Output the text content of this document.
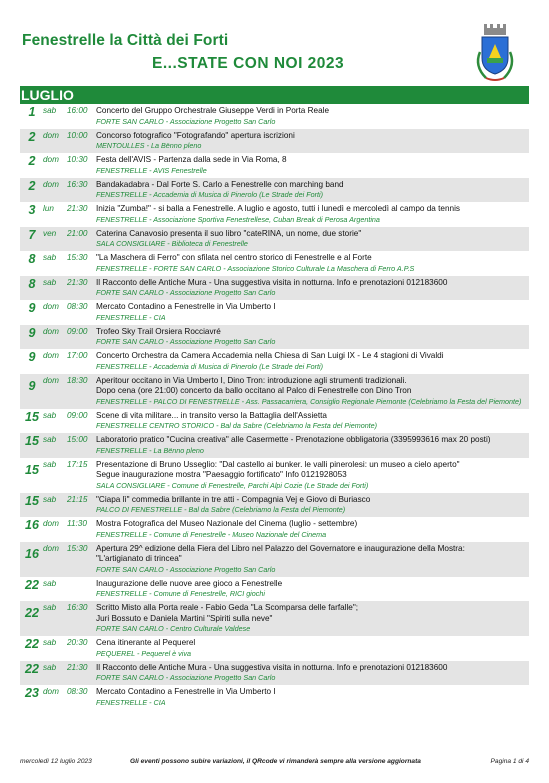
Fenestrelle la Città dei Forti
E...STATE CON NOI 2023
LUGLIO
1 sab	16:00	Concerto del Gruppo Orchestrale Giuseppe Verdi in Porta Reale
FORTE SAN CARLO - Associazione Progetto San Carlo
2 dom 10:00	Concorso fotografico "Fotografando" apertura iscrizioni
MENTOULLES - La Bënno pleno
2 dom 10:30	Festa dell'AVIS - Partenza dalla sede in Via Roma, 8
FENESTRELLE - AVIS Fenestrelle
2 dom 16:30	Bandakadabra - Dal Forte S. Carlo a Fenestrelle con marching band
FENESTRELLE - Accademia di Musica di Pinerolo (Le Strade dei Forti)
3 lun	21:30	Inizia "Zumba!" - si balla a Fenestrelle. A luglio e agosto, tutti i lunedì e mercoledì al campo da tennis
FENESTRELLE - Associazione Sportiva Fenestrellese, Cuban Break di Perosa Argentina
7 ven	21:00	Caterina Canavosio presenta il suo libro "cateRINA, un nome, due storie"
SALA CONSIGLIARE - Biblioteca di Fenestrelle
8 sab	15:30	"La Maschera di Ferro" con sfilata nel centro storico di Fenestrelle e al Forte
FENESTRELLE - FORTE SAN CARLO - Associazione Storico Culturale La Maschera di Ferro A.P.S
8 sab	21:30	Il Racconto delle Antiche Mura - Una suggestiva visita in notturna. Info e prenotazioni 012183600
FORTE SAN CARLO - Associazione Progetto San Carlo
9 dom 08:30	Mercato Contadino a Fenestrelle in Via Umberto I
FENESTRELLE - CIA
9 dom 09:00	Trofeo Sky Trail Orsiera Rocciavré
FORTE SAN CARLO - Associazione Progetto San Carlo
9 dom 17:00	Concerto Orchestra da Camera Accademia nella Chiesa di San Luigi IX - Le 4 stagioni di Vivaldi
FENESTRELLE - Accademia di Musica di Pinerolo (Le Strade dei Forti)
9 dom 18:30	Aperitour occitano in Via Umberto I, Dino Tron: introduzione agli strumenti tradizionali.
Dopo cena (ore 21:00) concerto da ballo occitano al Palco di Fenestrelle con Dino Tron
FENESTRELLE - PALCO DI FENESTRELLE - Ass. Passacarriera, Consiglio Regionale Piemonte (Celebriamo la Festa del Piemonte)
15 sab	09:00	Scene di vita militare... in transito verso la Battaglia dell'Assietta
FENESTRELLE CENTRO STORICO - Bal da Sabre (Celebriamo la Festa del Piemonte)
15 sab	15:00	Laboratorio pratico "Cucina creativa" alle Casermette - Prenotazione obbligatoria (3395993616 max 20 posti)
FENESTRELLE - La Bënno pleno
15 sab	17:15	Presentazione di Bruno Usseglio: "Dal castello ai bunker. le valli pinerolesi: un museo a cielo aperto"
Segue inaugurazione mostra "Paesaggio fortificato" Info 0121928053
SALA CONSIGLIARE - Comune di Fenestrelle, Parchi Alpi Cozie (Le Strade dei Forti)
15 sab	21:15	"Ciapa lì" commedia brillante in tre atti - Compagnia Vej e Giovo di Buriasco
PALCO DI FENESTRELLE - Bal da Sabre (Celebriamo la Festa del Piemonte)
16 dom 11:30	Mostra Fotografica del Museo Nazionale del Cinema (luglio - settembre)
FENESTRELLE - Comune di Fenestrelle - Museo Nazionale del Cinema
16 dom 15:30	Apertura 29^ edizione della Fiera del Libro nel Palazzo del Governatore e inaugurazione della Mostra:
"L'artigianato di trincea"
FORTE SAN CARLO - Associazione Progetto San Carlo
22 sab	Inaugurazione delle nuove aree gioco a Fenestrelle
FENESTRELLE - Comune di Fenestrelle, RICI giochi
22 sab	16:30	Scritto Misto alla Porta reale - Fabio Geda "La Scomparsa delle farfalle";
Juri Bossuto e Daniela Martini "Spiriti sulla neve"
FORTE SAN CARLO - Centro Culturale Valdese
22 sab	20:30	Cena itinerante al Pequerel
PEQUEREL - Pequerel è viva
22 sab	21:30	Il Racconto delle Antiche Mura - Una suggestiva visita in notturna. Info e prenotazioni 012183600
FORTE SAN CARLO - Associazione Progetto San Carlo
23 dom 08:30	Mercato Contadino a Fenestrelle in Via Umberto I
FENESTRELLE - CIA
mercoledì 12 luglio 2023	Gli eventi possono subire variazioni, il QRcode vi rimanderà sempre alla versione aggiornata	Pagina 1 di 4
